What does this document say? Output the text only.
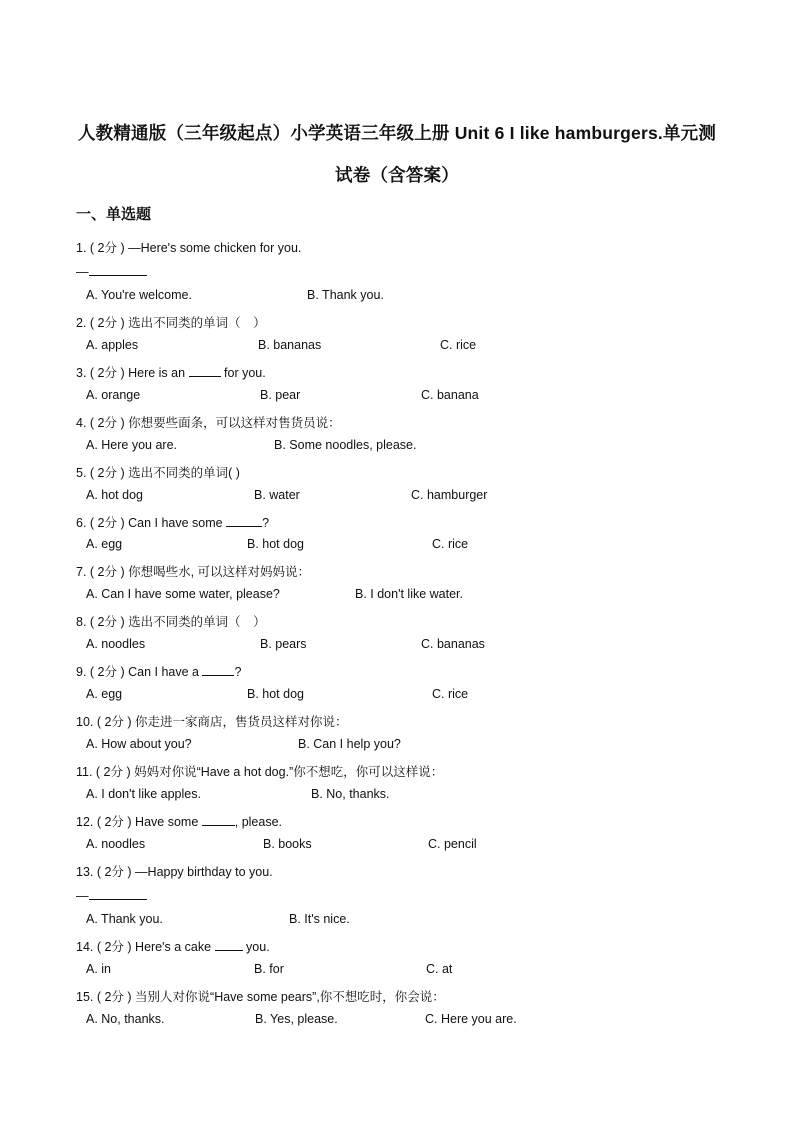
人教精通版（三年级起点）小学英语三年级上册 Unit 6 I like hamburgers.单元测
试卷（含答案）
一、单选题
1. ( 2分 ) —Here's some chicken for you.
—
A. You're welcome.	B. Thank you.
2. ( 2分 ) 选出不同类的单词（　）
A. apples	B. bananas	C. rice
3. ( 2分 ) Here is an	for you.
A. orange	B. pear	C. banana
4. ( 2分 ) 你想要些面条，可以这样对售货员说：
A. Here you are.	B. Some noodles, please.
5. ( 2分 ) 选出不同类的单词( )
A. hot dog	B. water	C. hamburger
6. ( 2分 ) Can I have some	?
A. egg	B. hot dog	C. rice
7. ( 2分 ) 你想喝些水, 可以这样对妈妈说：
A. Can I have some water, please?	B. I don't like water.
8. ( 2分 ) 选出不同类的单词（　）
A. noodles	B. pears	C. bananas
9. ( 2分 ) Can I have a	?
A. egg	B. hot dog	C. rice
10. ( 2分 ) 你走进一家商店，售货员这样对你说：
A. How about you?	B. Can I help you?
11. ( 2分 ) 妈妈对你说“Have a hot dog.”你不想吃，你可以这样说：
A. I don't like apples.	B. No, thanks.
12. ( 2分 ) Have some	, please.
A. noodles	B. books	C. pencil
13. ( 2分 ) —Happy birthday to you.
—
A. Thank you.	B. It's nice.
14. ( 2分 ) Here's a cake  you.
A. in	B. for	C. at
15. ( 2分 ) 当别人对你说“Have some pears”,你不想吃时，你会说：
A. No, thanks.	B. Yes, please.	C. Here you are.
